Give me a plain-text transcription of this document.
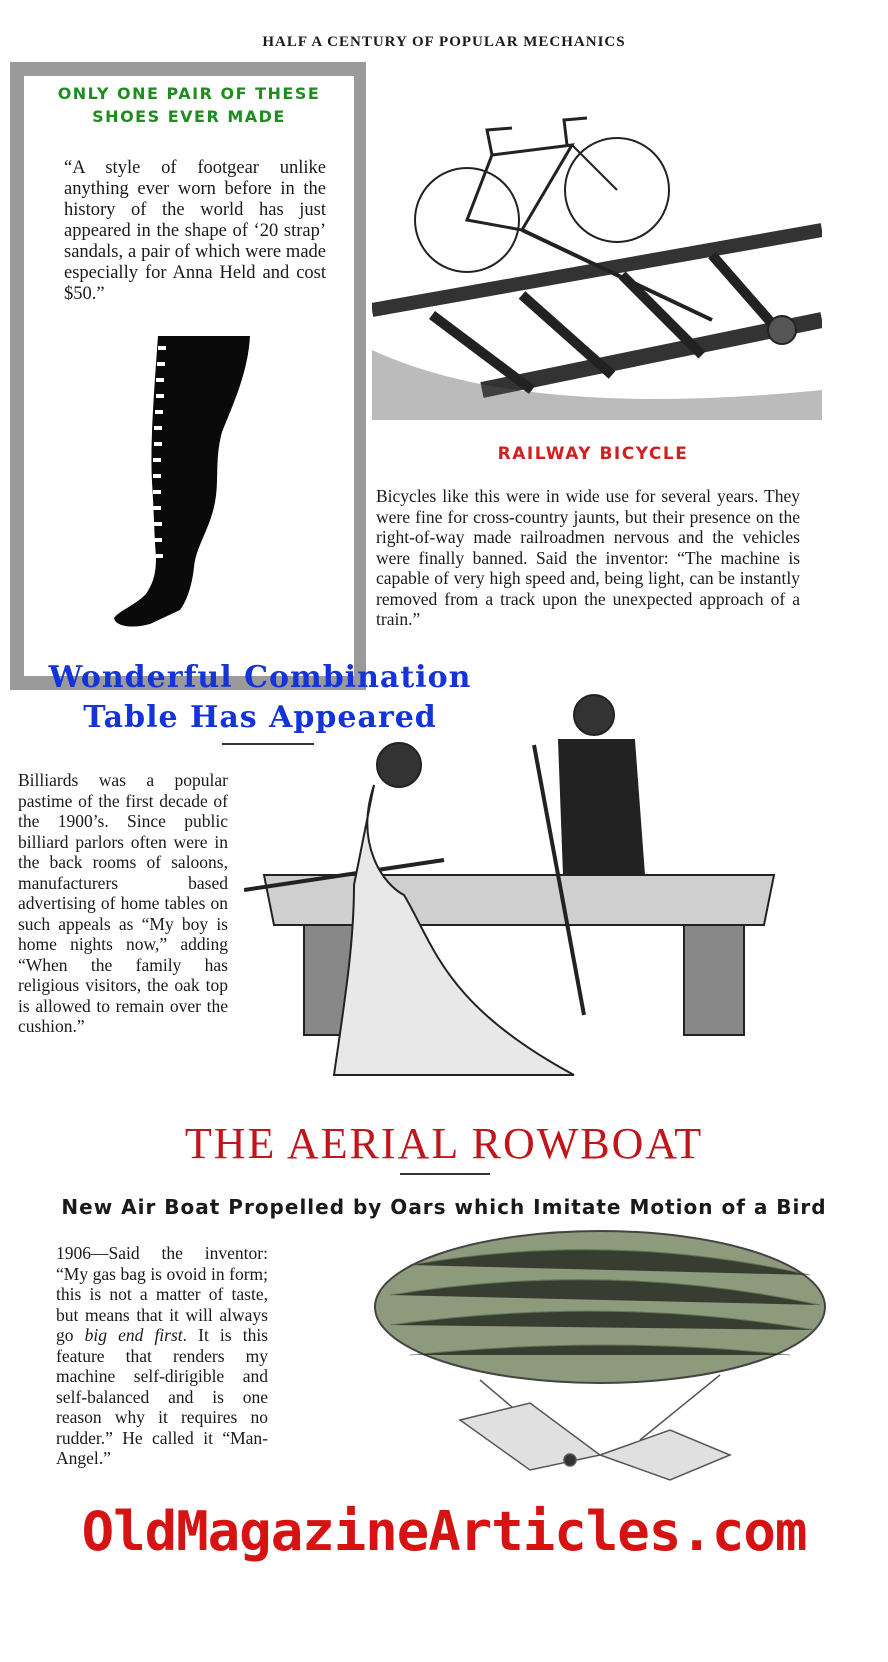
HALF A CENTURY OF POPULAR MECHANICS
ONLY ONE PAIR OF THESE
SHOES EVER MADE
“A style of footgear unlike anything ever worn before in the history of the world has just appeared in the shape of ‘20 strap’ sandals, a pair of which were made especially for Anna Held and cost $50.”
RAILWAY BICYCLE
Bicycles like this were in wide use for several years. They were fine for cross-country jaunts, but their presence on the right-of-way made railroadmen nervous and the vehicles were finally banned. Said the inventor: “The machine is capable of very high speed and, being light, can be instantly removed from a track upon the unexpected approach of a train.”
Wonderful Combination
Table Has Appeared
Billiards was a popular pastime of the first decade of the 1900’s. Since public billiard parlors often were in the back rooms of saloons, manufacturers based advertising of home tables on such appeals as “My boy is home nights now,” adding “When the family has religious visitors, the oak top is allowed to remain over the cushion.”
THE AERIAL ROWBOAT
New Air Boat Propelled by Oars which Imitate Motion of a Bird
1906—Said the inventor: “My gas bag is ovoid in form; this is not a matter of taste, but means that it will always go big end first. It is this feature that renders my machine self-dirigible and self-balanced and is one reason why it requires no rudder.” He called it “Man-Angel.”
OldMagazineArticles.com
